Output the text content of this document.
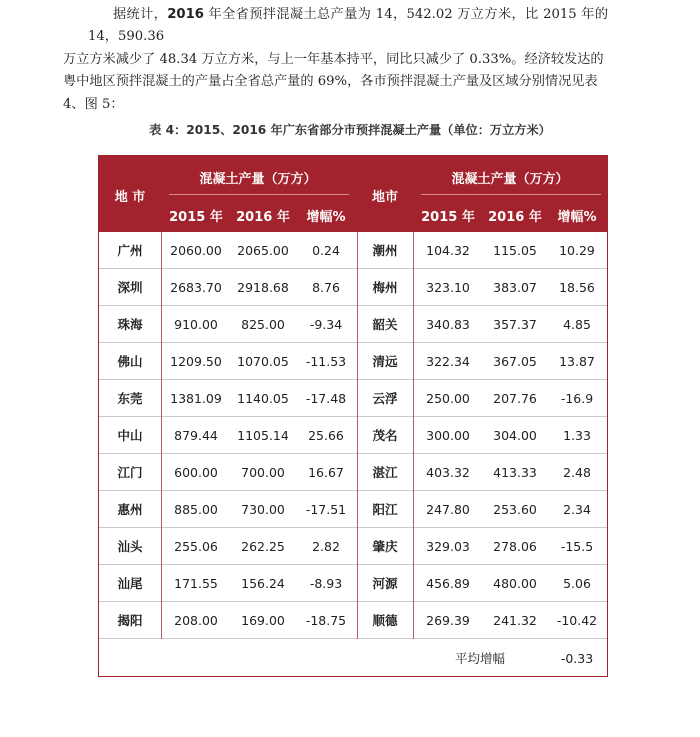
据统计，2016 年全省预拌混凝土总产量为 14，542.02 万立方米，比 2015 年的 14，590.36
万立方米减少了 48.34 万立方米，与上一年基本持平，同比只减少了 0.33%。经济较发达的
粤中地区预拌混凝土的产量占全省总产量的 69%，各市预拌混凝土产量及区域分别情况见表
4、图 5：
表 4：2015、2016 年广东省部分市预拌混凝土产量（单位：万立方米）
地 市
混凝土产量（万方）
2015 年	2016 年	增幅%
地市
混凝土产量（万方）
2015 年	2016 年	增幅%
广州	2060.00	2065.00	0.24	潮州	104.32	115.05	10.29
深圳	2683.70	2918.68	8.76	梅州	323.10	383.07	18.56
珠海	910.00	825.00	-9.34	韶关	340.83	357.37	4.85
佛山	1209.50	1070.05	-11.53	清远	322.34	367.05	13.87
东莞	1381.09	1140.05	-17.48	云浮	250.00	207.76	-16.9
中山	879.44	1105.14	25.66	茂名	300.00	304.00	1.33
江门	600.00	700.00	16.67	湛江	403.32	413.33	2.48
惠州	885.00	730.00	-17.51	阳江	247.80	253.60	2.34
汕头	255.06	262.25	2.82	肇庆	329.03	278.06	-15.5
汕尾	171.55	156.24	-8.93	河源	456.89	480.00	5.06
揭阳	208.00	169.00	-18.75	顺德	269.39	241.32	-10.42
平均增幅	-0.33
